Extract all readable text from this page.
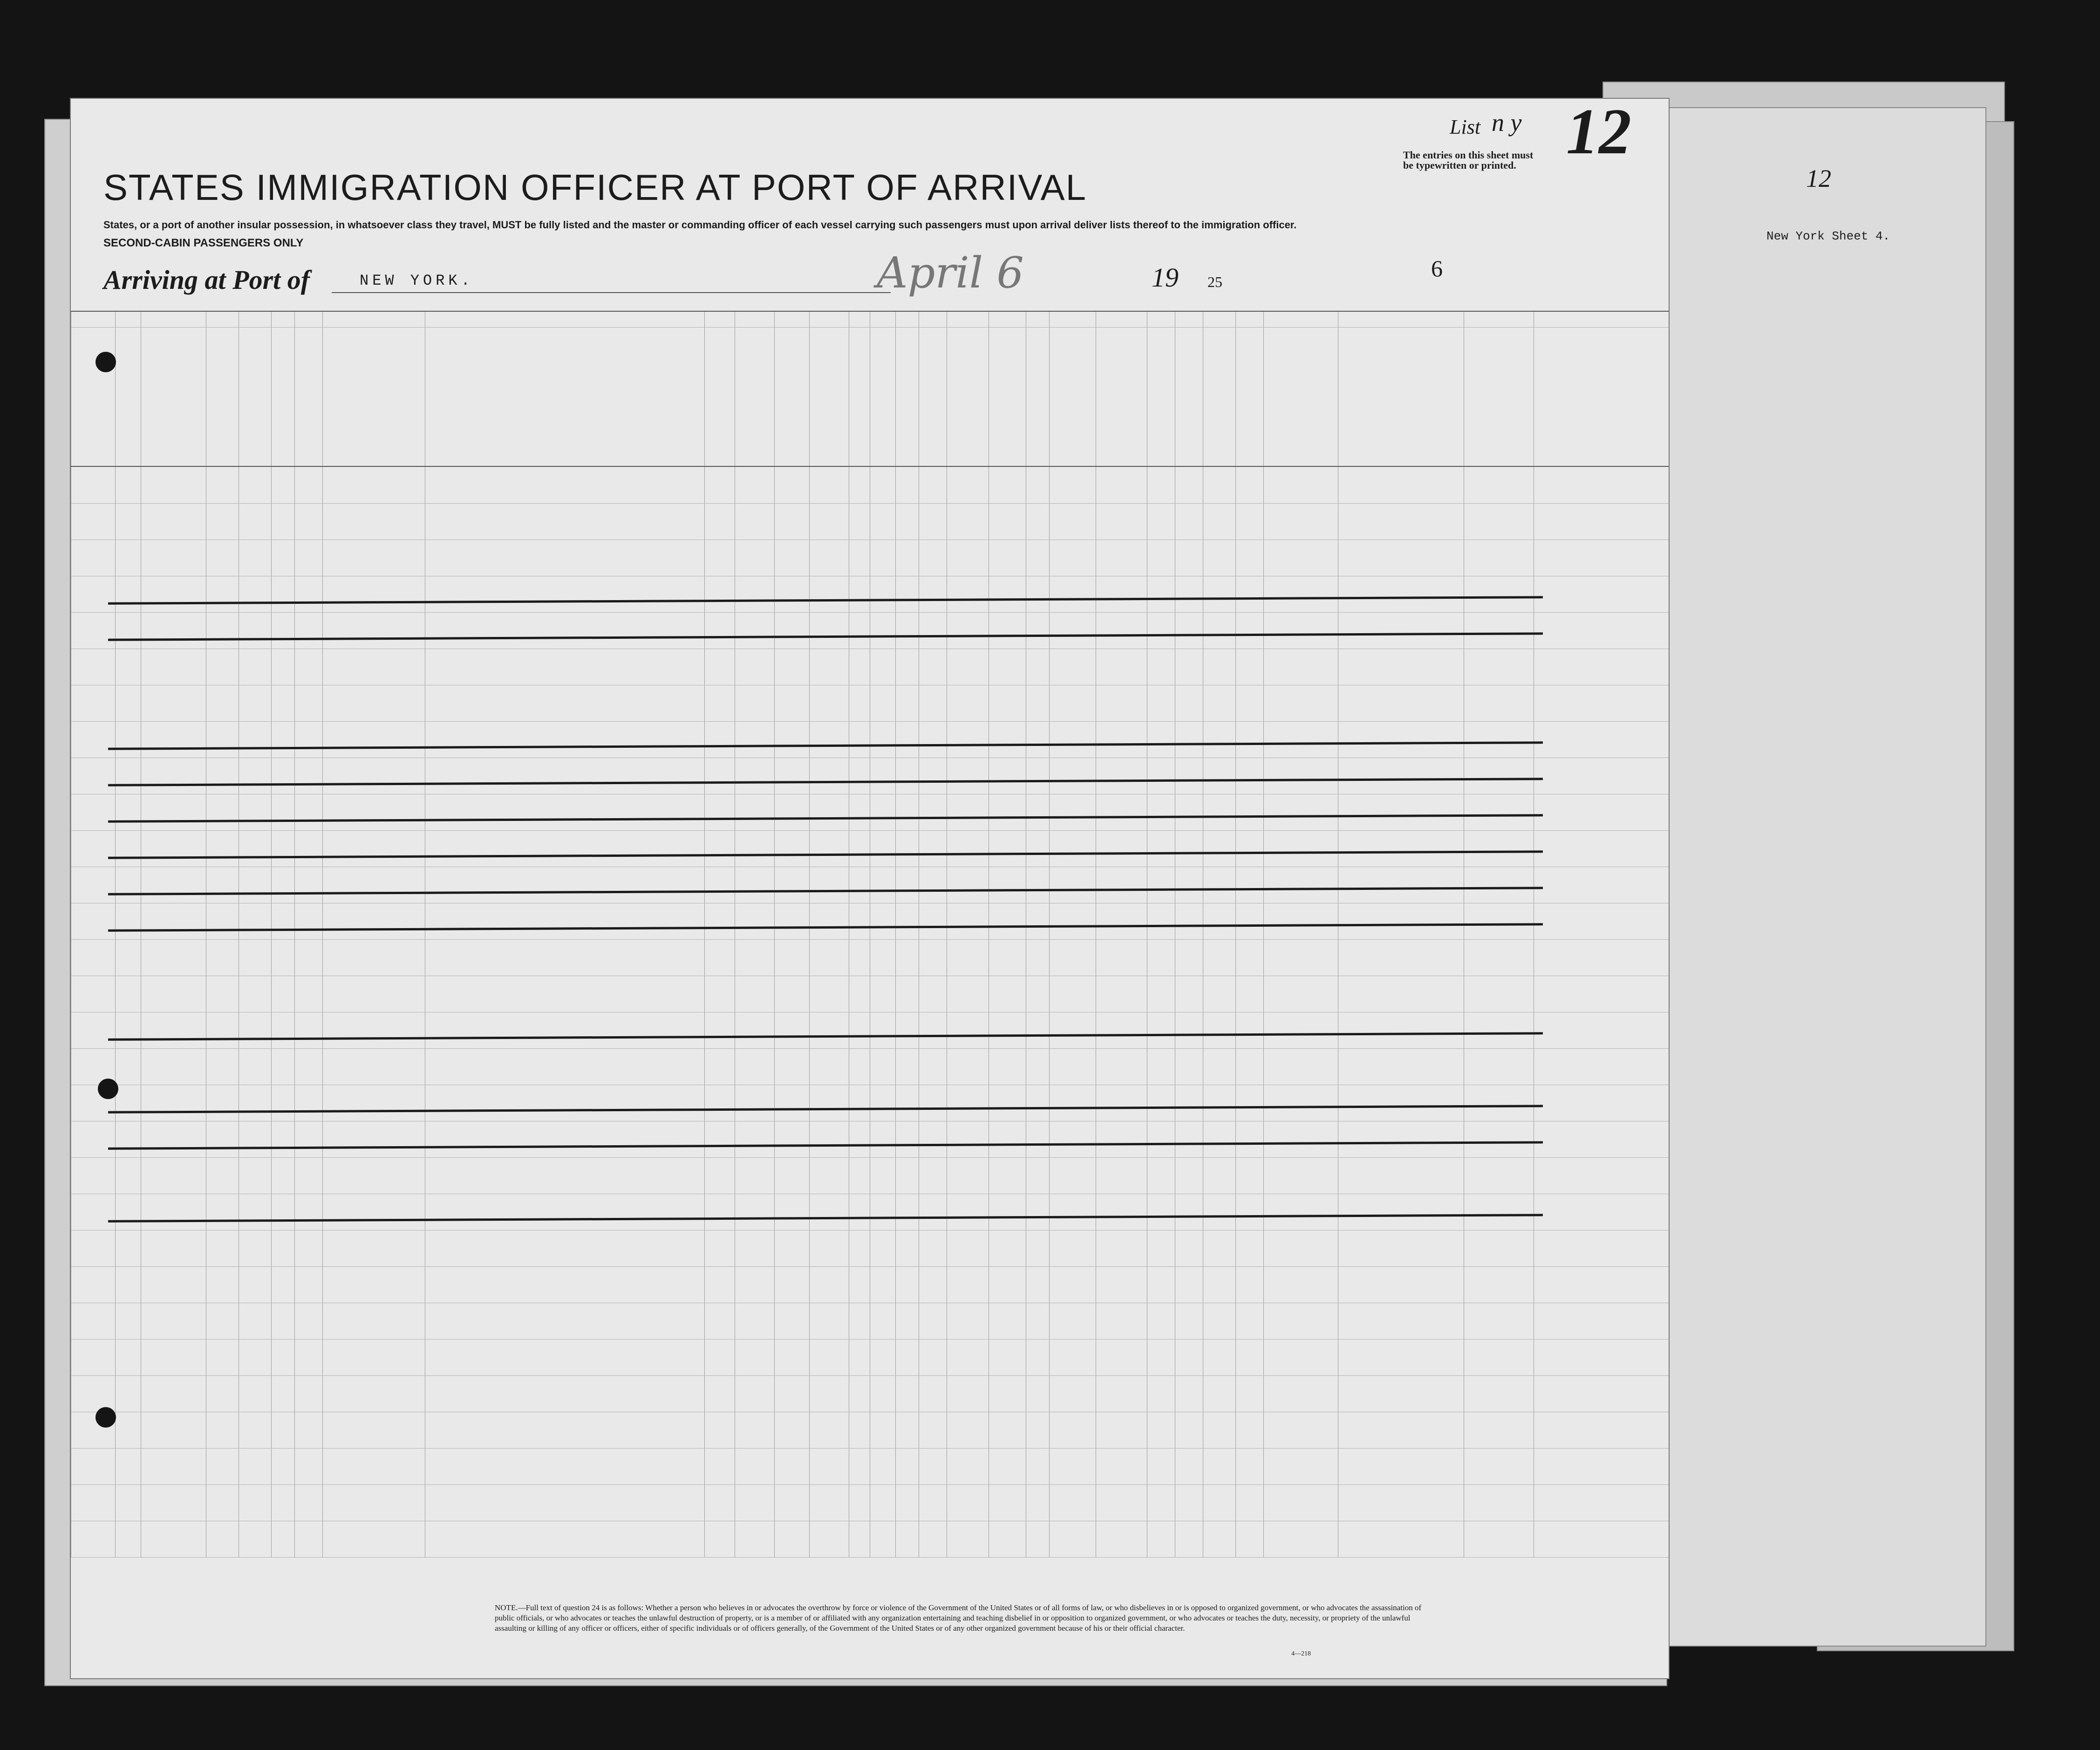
12
New York Sheet 4.
List n y 12
The entries on this sheet must be typewritten or printed.
STATES IMMIGRATION OFFICER AT PORT OF ARRIVAL
States, or a port of another insular possession, in whatsoever class they travel, MUST be fully listed and the master or commanding officer of each vessel carrying such passengers must upon arrival deliver lists thereof to the immigration officer.
SECOND-CABIN PASSENGERS ONLY
Arriving at Port of	NEW YORK.	April 6	19 25
6
NOTE.—Full text of question 24 is as follows: Whether a person who believes in or advocates the overthrow by force or violence of the Government of the United States or of all forms of law, or who disbelieves in or is opposed to organized government, or who advocates the assassination of public officials, or who advocates or teaches the unlawful destruction of property, or is a member of or affiliated with any organization entertaining and teaching disbelief in or opposition to organized government, or who advocates or teaches the duty, necessity, or propriety of the unlawful assaulting or killing of any officer or officers, either of specific individuals or of officers generally, of the Government of the United States or of any other organized government because of his or their official character.
4—218
